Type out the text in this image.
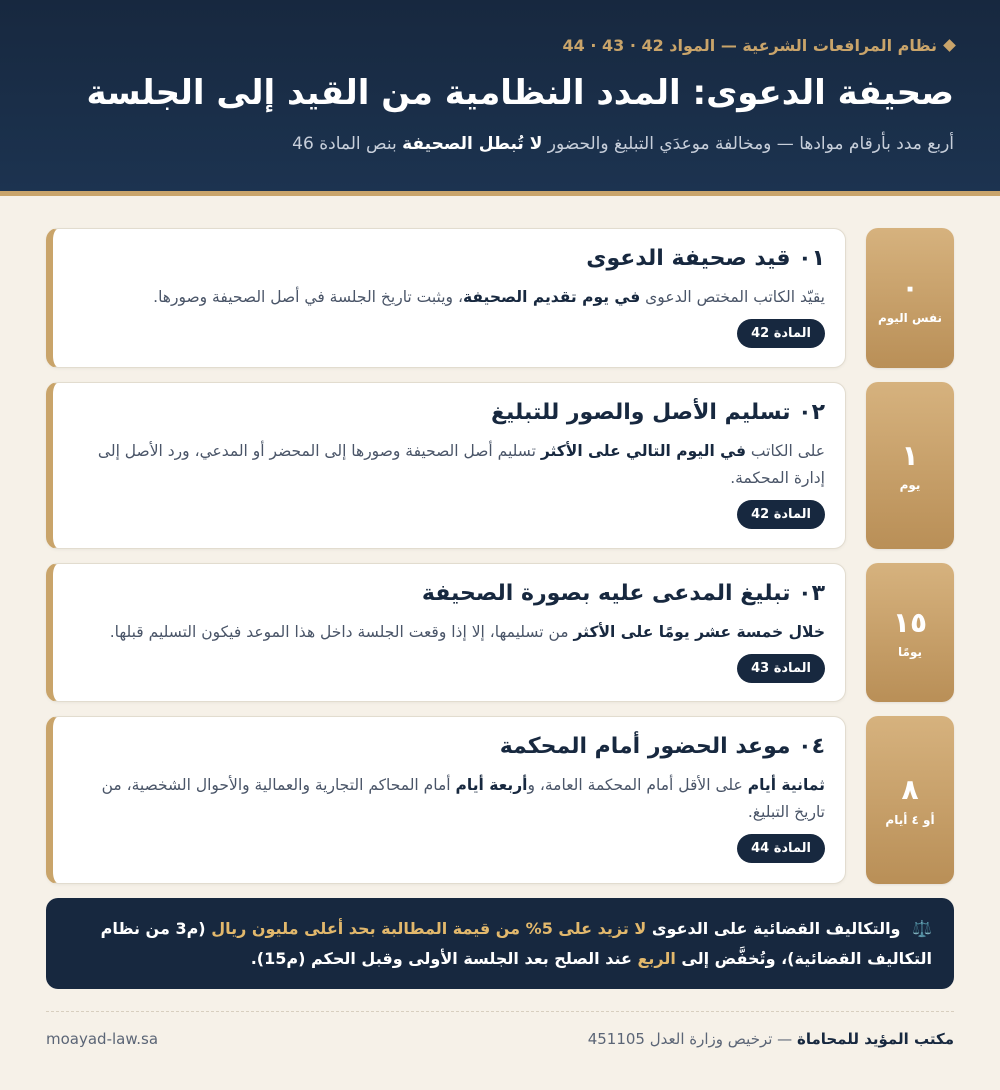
نظام المرافعات الشرعية — المواد 42 · 43 · 44
صحيفة الدعوى: المدد النظامية من القيد إلى الجلسة
أربع مدد بأرقام موادها — ومخالفة موعدَي التبليغ والحضور لا تُبطل الصحيفة بنص المادة 46
٠
نفس اليوم
٠١ قيد صحيفة الدعوى
يقيّد الكاتب المختص الدعوى في يوم تقديم الصحيفة، ويثبت تاريخ الجلسة في أصل الصحيفة وصورها.
المادة 42
١
يوم
٠٢ تسليم الأصل والصور للتبليغ
على الكاتب في اليوم التالي على الأكثر تسليم أصل الصحيفة وصورها إلى المحضر أو المدعي، ورد الأصل إلى إدارة المحكمة.
المادة 42
١٥
يومًا
٠٣ تبليغ المدعى عليه بصورة الصحيفة
خلال خمسة عشر يومًا على الأكثر من تسليمها، إلا إذا وقعت الجلسة داخل هذا الموعد فيكون التسليم قبلها.
المادة 43
٨
أو ٤ أيام
٠٤ موعد الحضور أمام المحكمة
ثمانية أيام على الأقل أمام المحكمة العامة، وأربعة أيام أمام المحاكم التجارية والعمالية والأحوال الشخصية، من تاريخ التبليغ.
المادة 44
⚖️ والتكاليف القضائية على الدعوى لا تزيد على 5% من قيمة المطالبة بحد أعلى مليون ريال (م3 من نظام التكاليف القضائية)، وتُخفَّض إلى الربع عند الصلح بعد الجلسة الأولى وقبل الحكم (م15).
مكتب المؤيد للمحاماة — ترخيص وزارة العدل 451105
moayad-law.sa
